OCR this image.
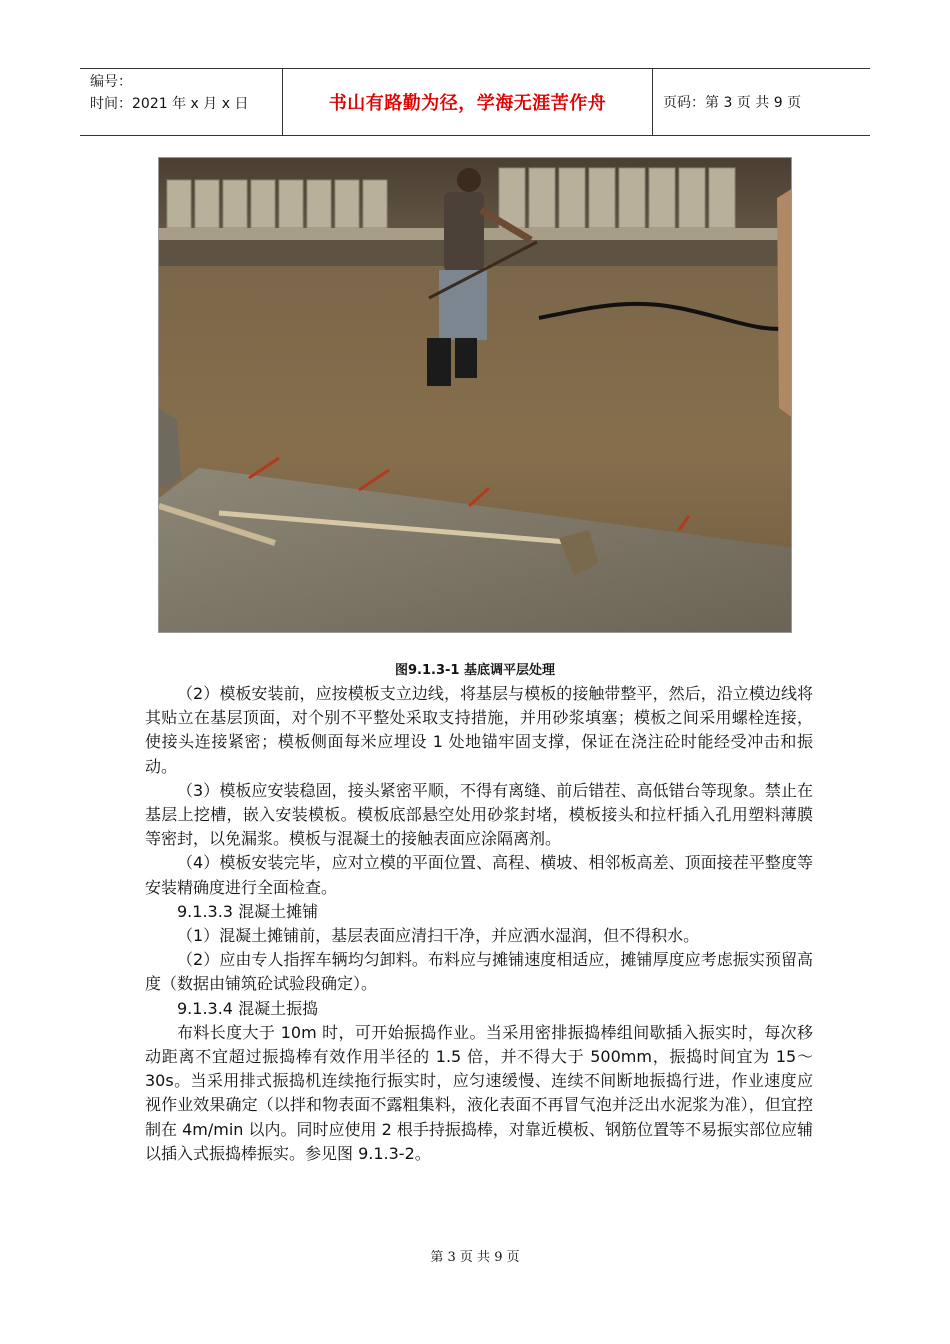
编号：
时间：2021 年 x 月 x 日	书山有路勤为径，学海无涯苦作舟	页码：第 3 页 共 9 页
图9.1.3-1 基底调平层处理

（2）模板安装前，应按模板支立边线，将基层与模板的接触带整平，然后，沿立模边线将其贴立在基层顶面，对个别不平整处采取支持措施，并用砂浆填塞；模板之间采用螺栓连接，使接头连接紧密；模板侧面每米应埋设 1 处地锚牢固支撑，保证在浇注砼时能经受冲击和振动。

（3）模板应安装稳固，接头紧密平顺，不得有离缝、前后错茬、高低错台等现象。禁止在基层上挖槽，嵌入安装模板。模板底部悬空处用砂浆封堵，模板接头和拉杆插入孔用塑料薄膜等密封，以免漏浆。模板与混凝土的接触表面应涂隔离剂。

（4）模板安装完毕，应对立模的平面位置、高程、横坡、相邻板高差、顶面接茬平整度等安装精确度进行全面检查。

9.1.3.3 混凝土摊铺

（1）混凝土摊铺前，基层表面应清扫干净，并应洒水湿润，但不得积水。

（2）应由专人指挥车辆均匀卸料。布料应与摊铺速度相适应，摊铺厚度应考虑振实预留高度（数据由铺筑砼试验段确定）。

9.1.3.4 混凝土振捣

布料长度大于 10m 时，可开始振捣作业。当采用密排振捣棒组间歇插入振实时，每次移动距离不宜超过振捣棒有效作用半径的 1.5 倍，并不得大于 500mm，振捣时间宜为 15～30s。当采用排式振捣机连续拖行振实时，应匀速缓慢、连续不间断地振捣行进，作业速度应视作业效果确定（以拌和物表面不露粗集料，液化表面不再冒气泡并泛出水泥浆为准），但宜控制在 4m/min 以内。同时应使用 2 根手持振捣棒，对靠近模板、钢筋位置等不易振实部位应辅以插入式振捣棒振实。参见图 9.1.3-2。

第 3 页 共 9 页
